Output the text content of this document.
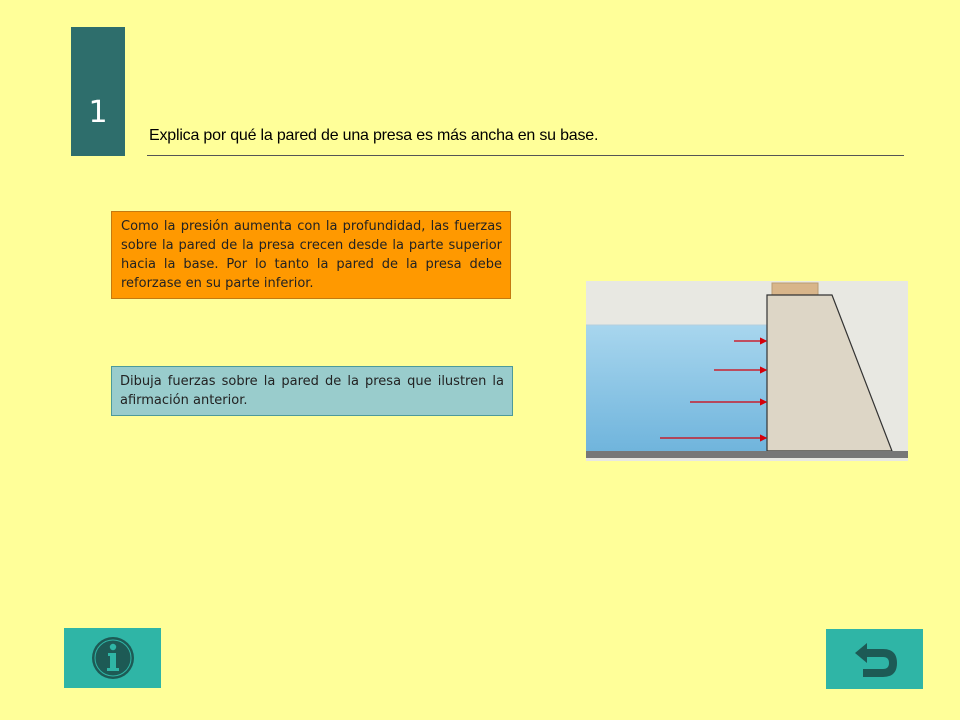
1
Explica por qué la pared de una presa es más ancha en su base.
Como la presión aumenta con la profundidad, las fuerzas sobre la pared de la presa crecen desde la parte superior hacia la base. Por lo tanto la pared de la presa debe reforzase en su parte inferior.
Dibuja fuerzas sobre la pared de la presa que ilustren la afirmación anterior.
